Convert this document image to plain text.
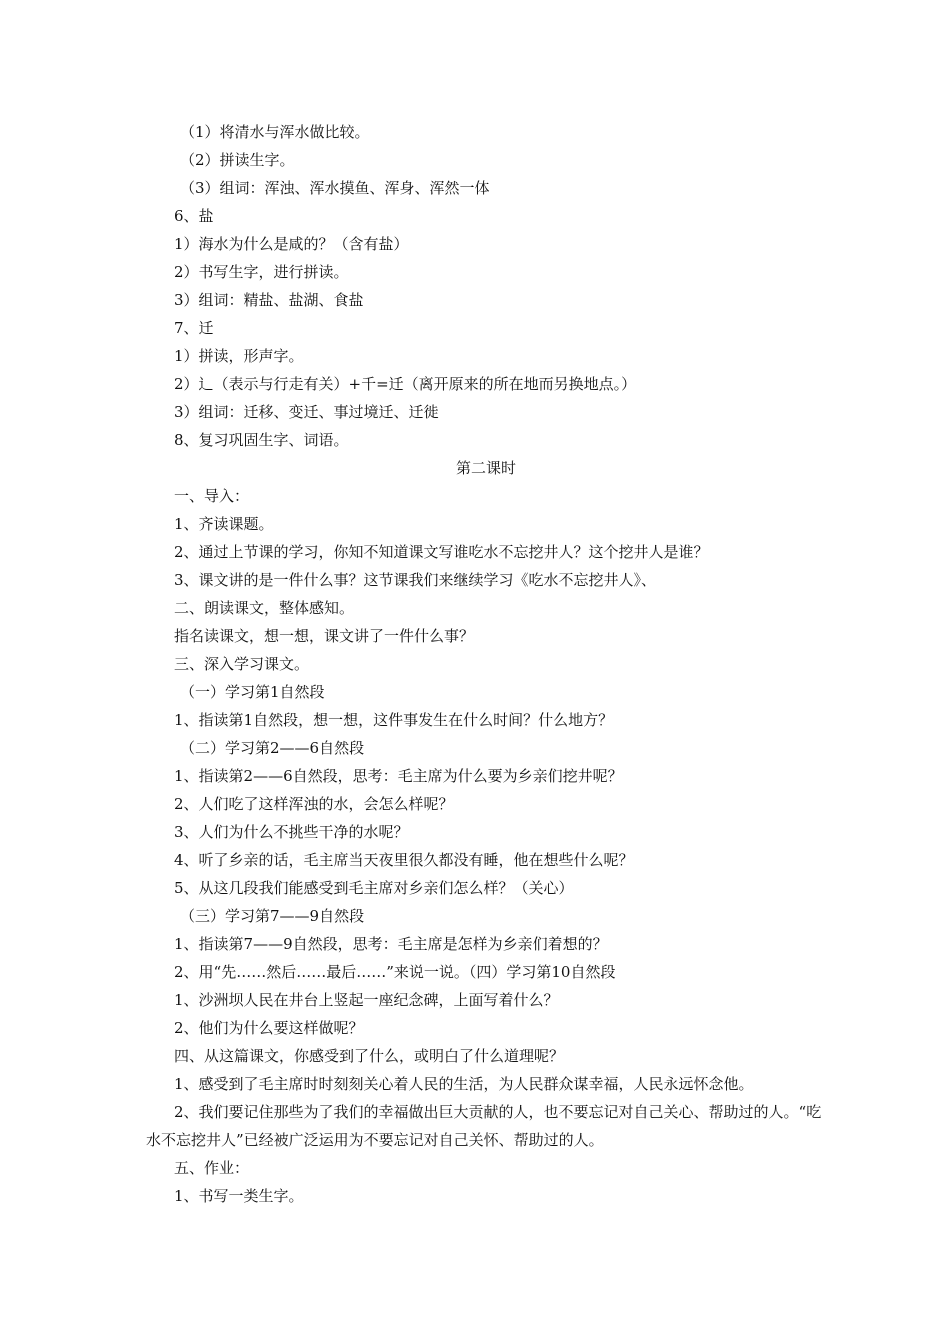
（1）将清水与浑水做比较。
（2）拼读生字。
（3）组词：浑浊、浑水摸鱼、浑身、浑然一体
6、盐
1）海水为什么是咸的？（含有盐）
2）书写生字，进行拼读。
3）组词：精盐、盐湖、食盐
7、迁
1）拼读，形声字。
2）辶（表示与行走有关）+千=迁（离开原来的所在地而另换地点。）
3）组词：迁移、变迁、事过境迁、迁徙
8、复习巩固生字、词语。
第二课时
一、导入：
1、齐读课题。
2、通过上节课的学习，你知不知道课文写谁吃水不忘挖井人？这个挖井人是谁？
3、课文讲的是一件什么事？这节课我们来继续学习《吃水不忘挖井人》、
二、朗读课文，整体感知。
指名读课文，想一想，课文讲了一件什么事？
三、深入学习课文。
（一）学习第1自然段
1、指读第1自然段，想一想，这件事发生在什么时间？什么地方？
（二）学习第2——6自然段
1、指读第2——6自然段，思考：毛主席为什么要为乡亲们挖井呢？
2、人们吃了这样浑浊的水，会怎么样呢？
3、人们为什么不挑些干净的水呢？
4、听了乡亲的话，毛主席当天夜里很久都没有睡，他在想些什么呢？
5、从这几段我们能感受到毛主席对乡亲们怎么样？（关心）
（三）学习第7——9自然段
1、指读第7——9自然段，思考：毛主席是怎样为乡亲们着想的？
2、用“先……然后……最后……”来说一说。（四）学习第10自然段
1、沙洲坝人民在井台上竖起一座纪念碑，上面写着什么？
2、他们为什么要这样做呢？
四、从这篇课文，你感受到了什么，或明白了什么道理呢？
1、感受到了毛主席时时刻刻关心着人民的生活，为人民群众谋幸福，人民永远怀念他。
2、我们要记住那些为了我们的幸福做出巨大贡献的人，也不要忘记对自己关心、帮助过的人。“吃水不忘挖井人”已经被广泛运用为不要忘记对自己关怀、帮助过的人。
五、作业：
1、书写一类生字。
